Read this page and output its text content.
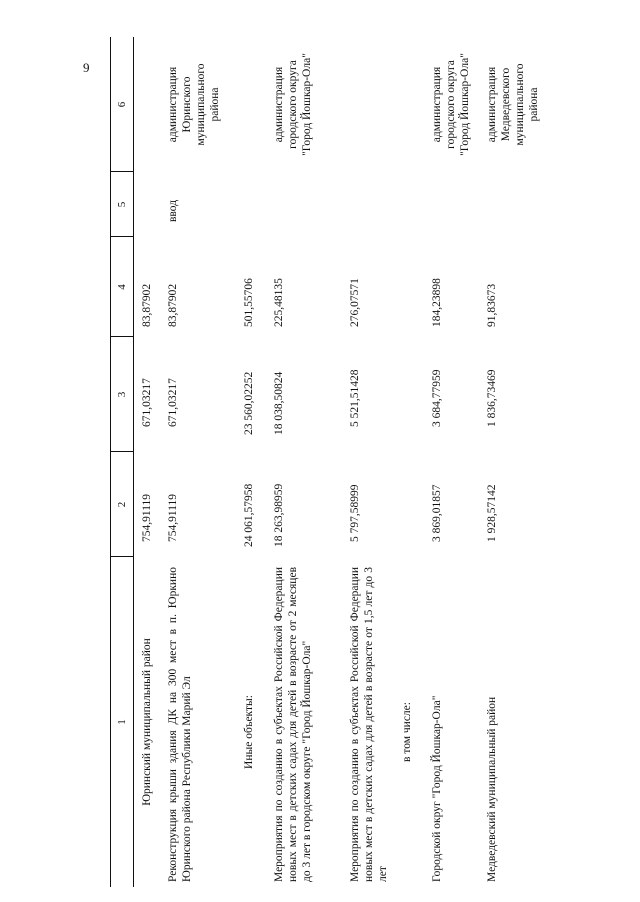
9
1
2
3
4
5
6
Юринский муниципальный район
754,91119
671,03217
83,87902
Реконструкция крыши здания ДК на 300 мест в п. Юркино Юринского района Республики Марий Эл
754,91119
671,03217
83,87902
ввод
администрация Юринского муниципального района
Иные объекты:
24 061,57958
23 560,02252
501,55706
Мероприятия по созданию в субъектах Российской Федерации новых мест в детских садах для детей в возрасте от 2 месяцев до 3 лет в городском округе "Город Йошкар-Ола"
18 263,98959
18 038,50824
225,48135
администрация городского округа "Город Йошкар-Ола"
Мероприятия по созданию в субъектах Российской Федерации новых мест в детских садах для детей в возрасте от 1,5 лет до 3 лет
5 797,58999
5 521,51428
276,07571
в том числе: Городской округ "Город Йошкар-Ола"
3 869,01857
3 684,77959
184,23898
администрация городского округа "Город Йошкар-Ола"
Медведевский муниципальный район
1 928,57142
1 836,73469
91,83673
администрация Медведевского муниципального района
